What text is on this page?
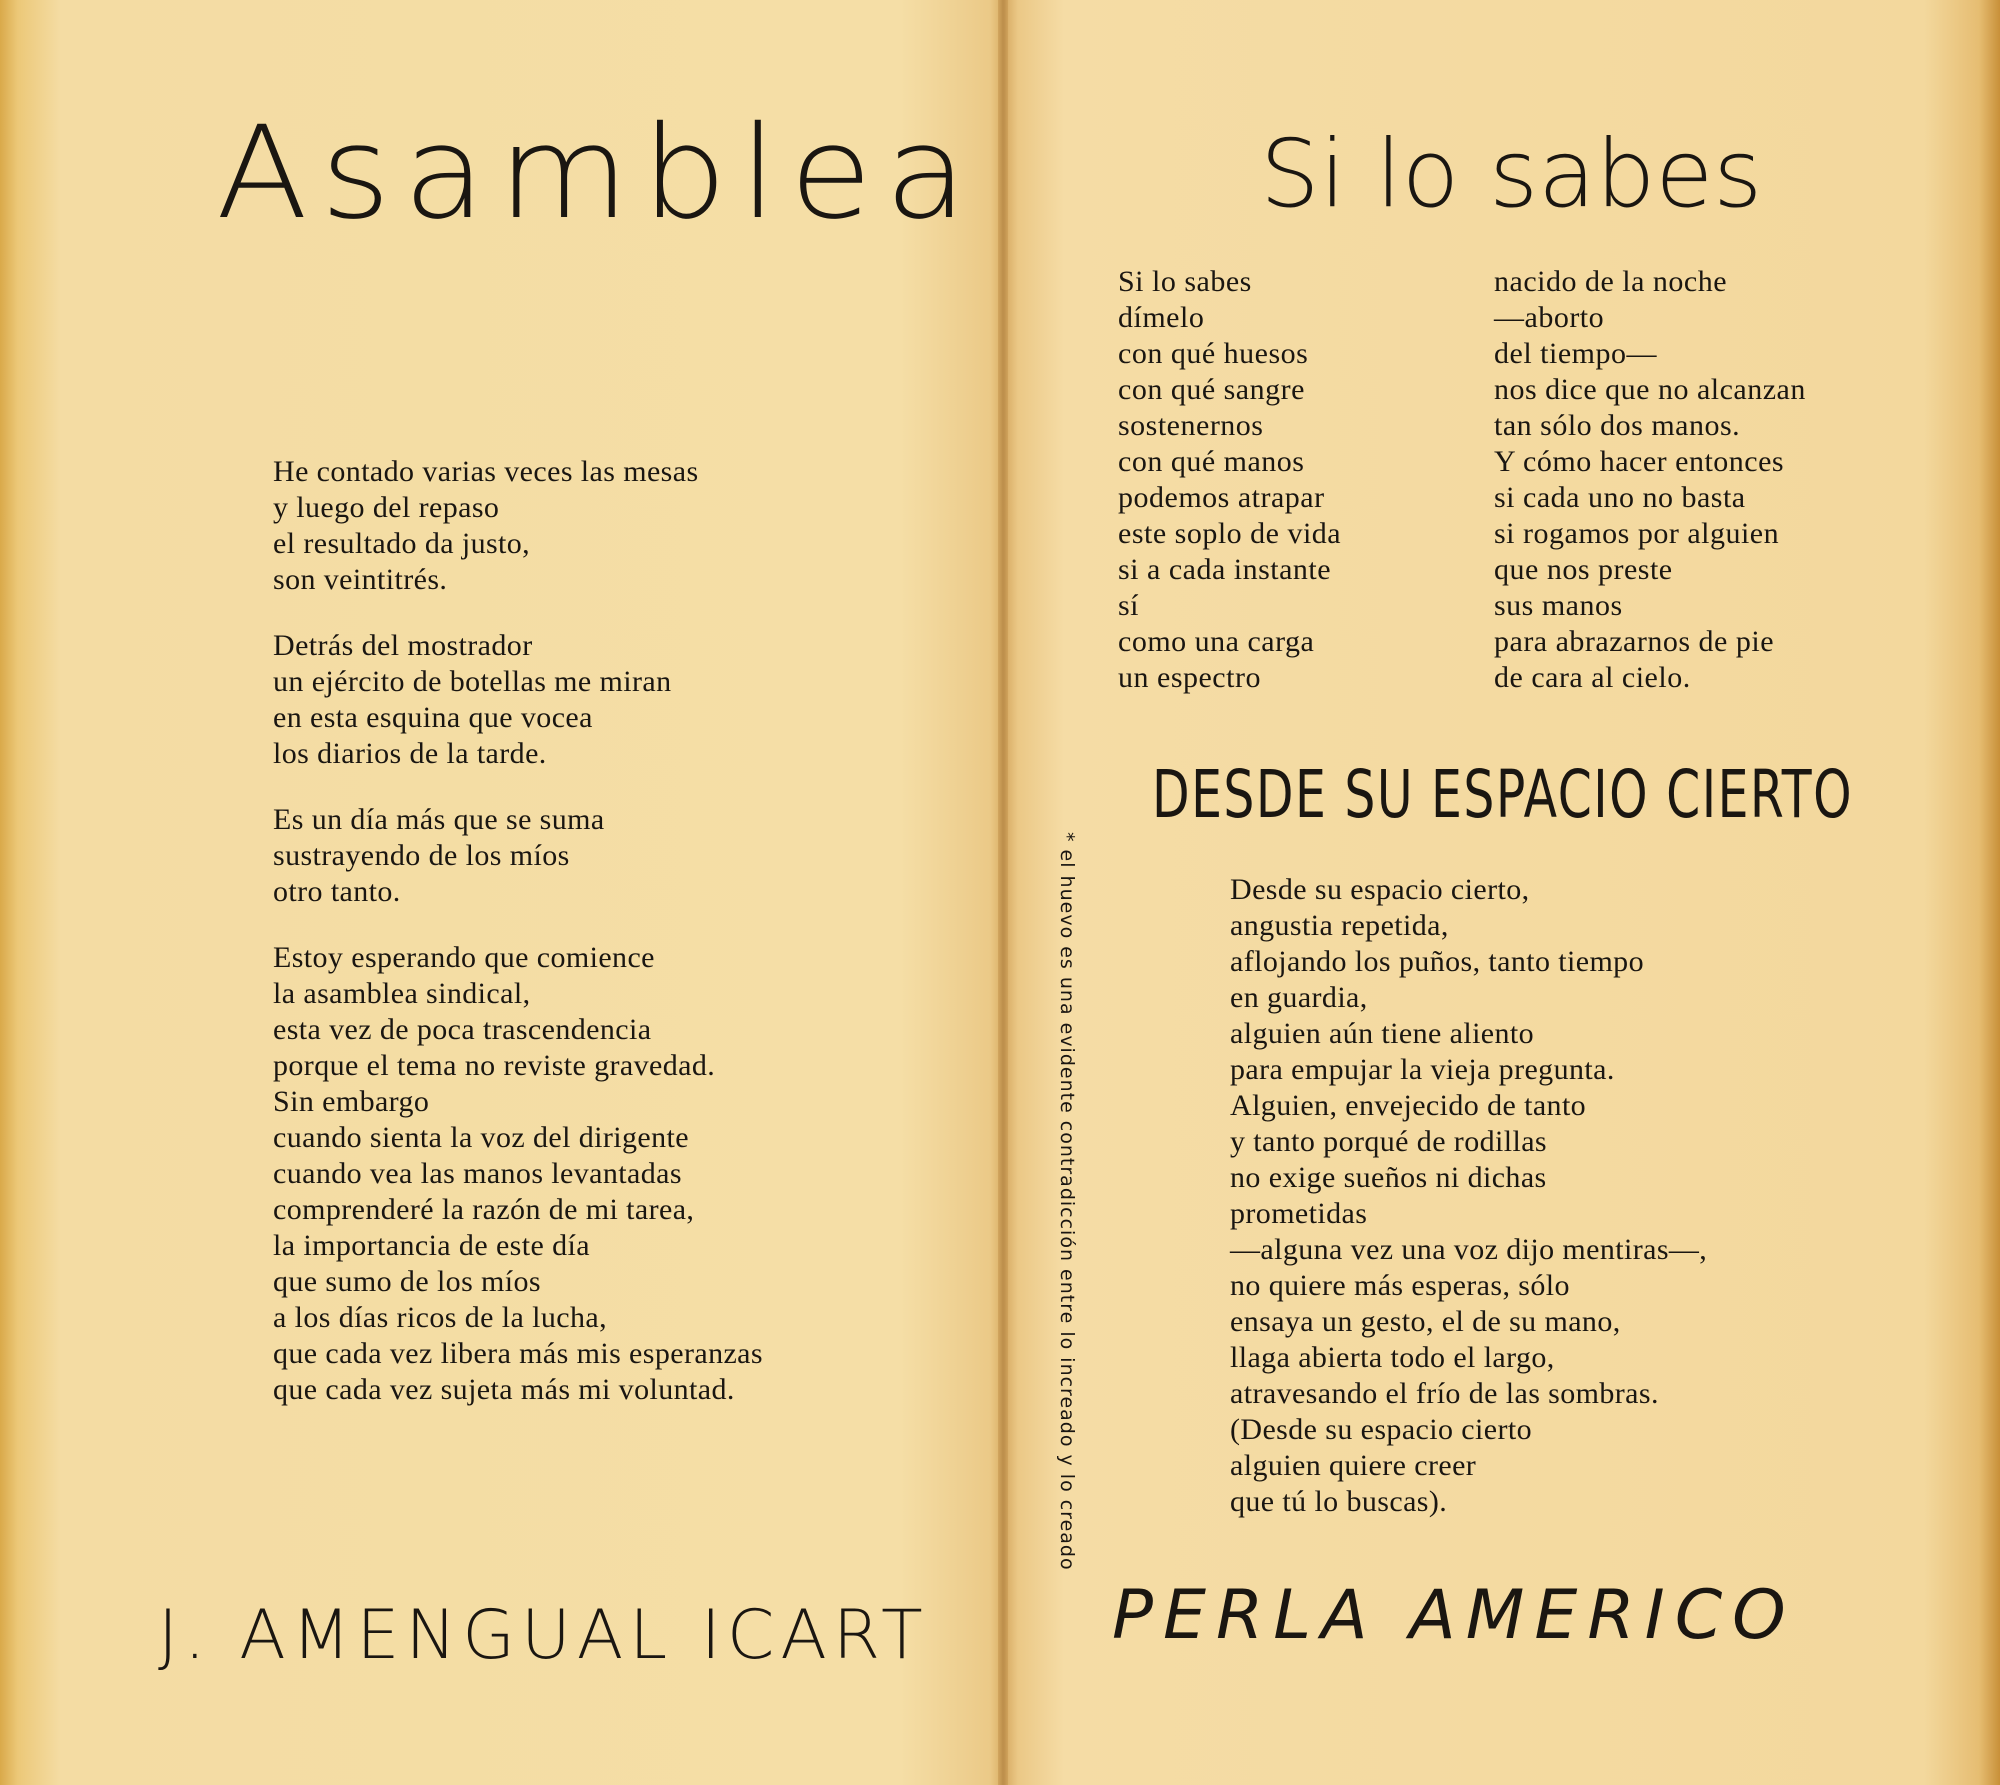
Asamblea
He contado varias veces las mesas
y luego del repaso
el resultado da justo,
son veintitrés.
Detrás del mostrador
un ejército de botellas me miran
en esta esquina que vocea
los diarios de la tarde.
Es un día más que se suma
sustrayendo de los míos
otro tanto.
Estoy esperando que comience
la asamblea sindical,
esta vez de poca trascendencia
porque el tema no reviste gravedad.
Sin embargo
cuando sienta la voz del dirigente
cuando vea las manos levantadas
comprenderé la razón de mi tarea,
la importancia de este día
que sumo de los míos
a los días ricos de la lucha,
que cada vez libera más mis esperanzas
que cada vez sujeta más mi voluntad.
J. AMENGUAL ICART
Si lo sabes
Si lo sabes
dímelo
con qué huesos
con qué sangre
sostenernos
con qué manos
podemos atrapar
este soplo de vida
si a cada instante
sí
como una carga
un espectro
nacido de la noche
—aborto
del tiempo—
nos dice que no alcanzan
tan sólo dos manos.
Y cómo hacer entonces
si cada uno no basta
si rogamos por alguien
que nos preste
sus manos
para abrazarnos de pie
de cara al cielo.
DESDE SU ESPACIO CIERTO
Desde su espacio cierto,
angustia repetida,
aflojando los puños, tanto tiempo
en guardia,
alguien aún tiene aliento
para empujar la vieja pregunta.
Alguien, envejecido de tanto
y tanto porqué de rodillas
no exige sueños ni dichas
prometidas
—alguna vez una voz dijo mentiras—,
no quiere más esperas, sólo
ensaya un gesto, el de su mano,
llaga abierta todo el largo,
atravesando el frío de las sombras.
(Desde su espacio cierto
alguien quiere creer
que tú lo buscas).
* el huevo es una evidente contradicción entre lo increado y lo creado
PERLA AMERICO
